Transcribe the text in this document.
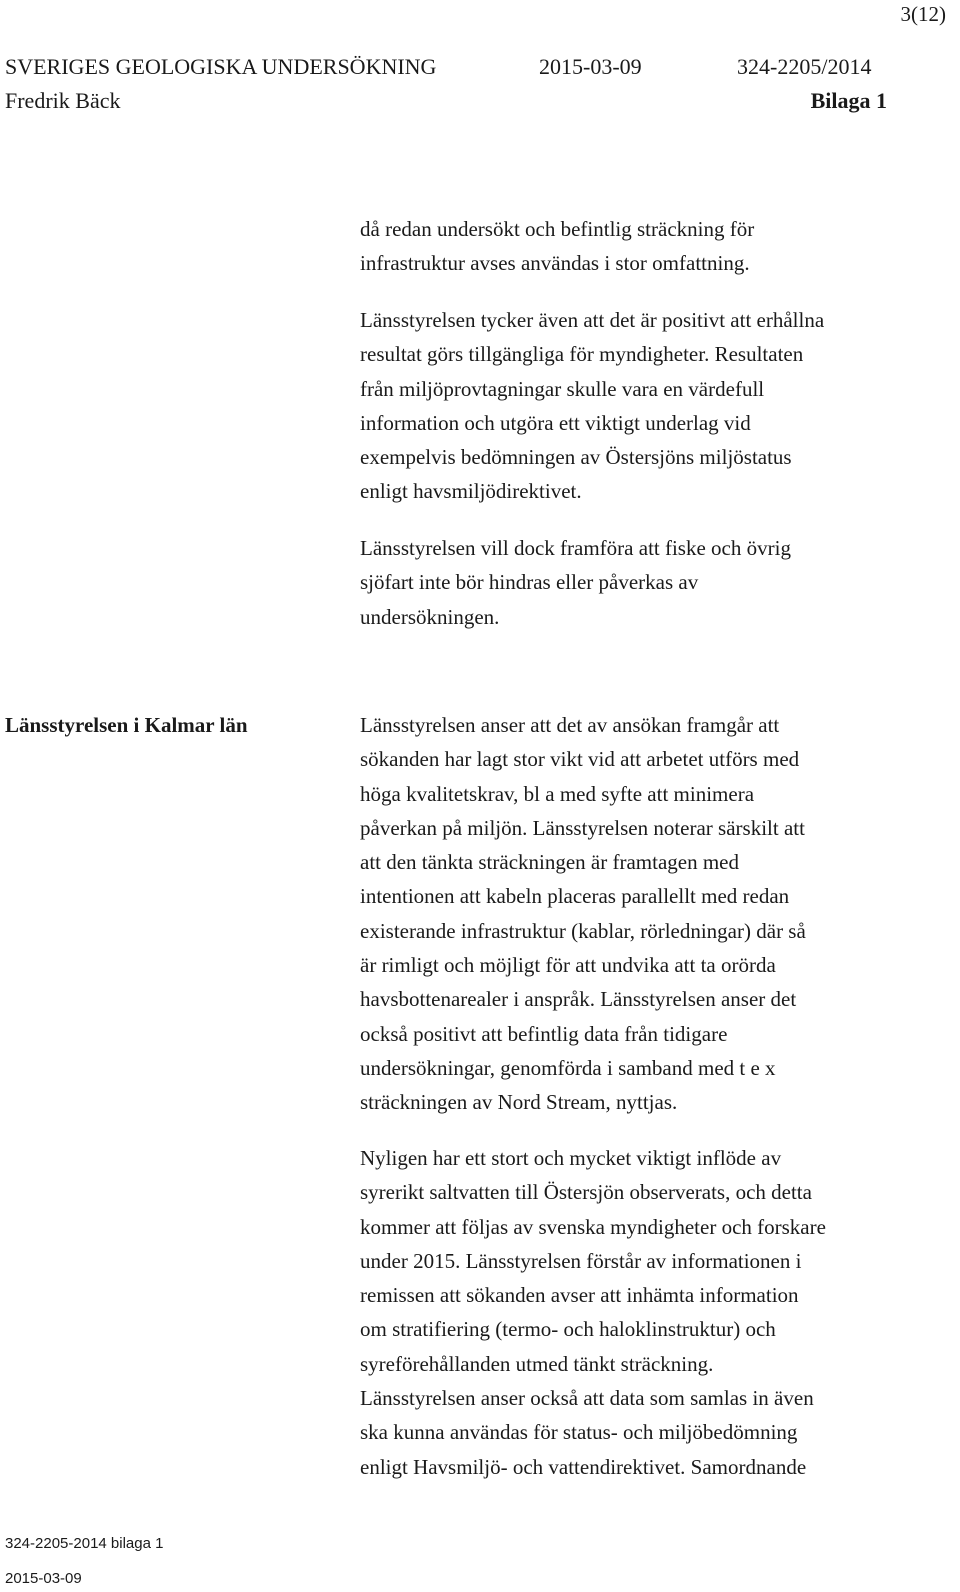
3(12)
SVERIGES GEOLOGISKA UNDERSÖKNING	2015-03-09	324-2205/2014
Fredrik Bäck	Bilaga 1

då redan undersökt och befintlig sträckning för
infrastruktur avses användas i stor omfattning.

Länsstyrelsen tycker även att det är positivt att erhållna
resultat görs tillgängliga för myndigheter. Resultaten
från miljöprovtagningar skulle vara en värdefull
information och utgöra ett viktigt underlag vid
exempelvis bedömningen av Östersjöns miljöstatus
enligt havsmiljödirektivet.

Länsstyrelsen vill dock framföra att fiske och övrig
sjöfart inte bör hindras eller påverkas av
undersökningen.

Länsstyrelsen i Kalmar län	Länsstyrelsen anser att det av ansökan framgår att
sökanden har lagt stor vikt vid att arbetet utförs med
höga kvalitetskrav, bl a med syfte att minimera
påverkan på miljön. Länsstyrelsen noterar särskilt att
att den tänkta sträckningen är framtagen med
intentionen att kabeln placeras parallellt med redan
existerande infrastruktur (kablar, rörledningar) där så
är rimligt och möjligt för att undvika att ta orörda
havsbottenarealer i anspråk. Länsstyrelsen anser det
också positivt att befintlig data från tidigare
undersökningar, genomförda i samband med t e x
sträckningen av Nord Stream, nyttjas.

Nyligen har ett stort och mycket viktigt inflöde av
syrerikt saltvatten till Östersjön observerats, och detta
kommer att följas av svenska myndigheter och forskare
under 2015. Länsstyrelsen förstår av informationen i
remissen att sökanden avser att inhämta information
om stratifiering (termo- och haloklinstruktur) och
syreförehållanden utmed tänkt sträckning.
Länsstyrelsen anser också att data som samlas in även
ska kunna användas för status- och miljöbedömning
enligt Havsmiljö- och vattendirektivet. Samordnande

324-2205-2014 bilaga 1
2015-03-09
